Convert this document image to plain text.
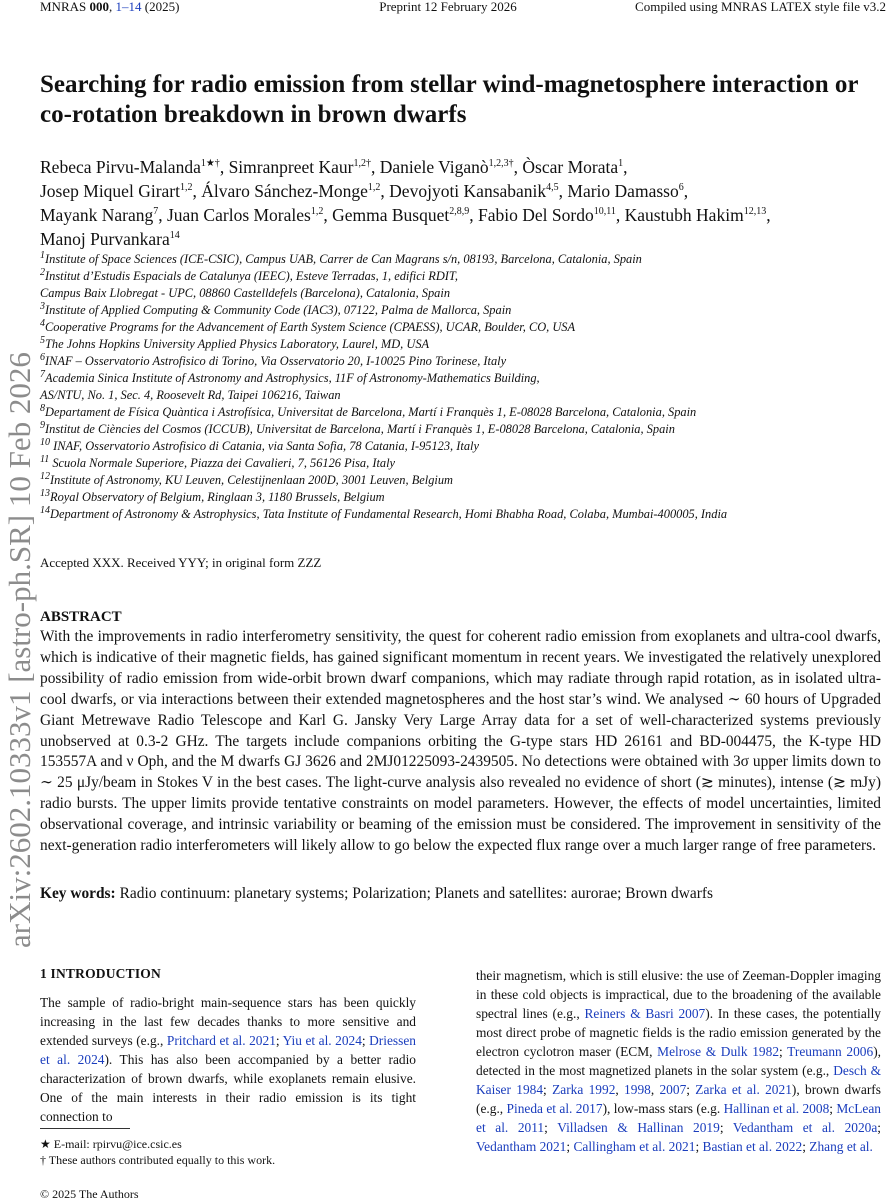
MNRAS 000, 1–14 (2025)	Preprint 12 February 2026	Compiled using MNRAS LATEX style file v3.2
arXiv:2602.10333v1 [astro-ph.SR] 10 Feb 2026
Searching for radio emission from stellar wind-magnetosphere interaction or co-rotation breakdown in brown dwarfs
Rebeca Pirvu-Malanda$^{1★\dagger}$, Simranpreet Kaur$^{1,2\dagger}$, Daniele Viganò$^{1,2,3\dagger}$, Òscar Morata$^1$,
Josep Miquel Girart$^{1,2}$, Álvaro Sánchez-Monge$^{1,2}$, Devojyoti Kansabanik$^{4,5}$, Mario Damasso$^6$,
Mayank Narang$^7$, Juan Carlos Morales$^{1,2}$, Gemma Busquet$^{2,8,9}$, Fabio Del Sordo$^{10,11}$, Kaustubh Hakim$^{12,13}$,
Manoj Purvankara$^{14}$
$^1$Institute of Space Sciences (ICE-CSIC), Campus UAB, Carrer de Can Magrans s/n, 08193, Barcelona, Catalonia, Spain
$^2$Institut d’Estudis Espacials de Catalunya (IEEC), Esteve Terradas, 1, edifici RDIT,
Campus Baix Llobregat - UPC, 08860 Castelldefels (Barcelona), Catalonia, Spain
$^3$Institute of Applied Computing & Community Code (IAC3), 07122, Palma de Mallorca, Spain
$^4$Cooperative Programs for the Advancement of Earth System Science (CPAESS), UCAR, Boulder, CO, USA
$^5$The Johns Hopkins University Applied Physics Laboratory, Laurel, MD, USA
$^6$INAF – Osservatorio Astrofisico di Torino, Via Osservatorio 20, I-10025 Pino Torinese, Italy
$^7$Academia Sinica Institute of Astronomy and Astrophysics, 11F of Astronomy-Mathematics Building,
AS/NTU, No. 1, Sec. 4, Roosevelt Rd, Taipei 106216, Taiwan
$^8$Departament de Física Quàntica i Astrofísica, Universitat de Barcelona, Martí i Franquès 1, E-08028 Barcelona, Catalonia, Spain
$^9$Institut de Ciències del Cosmos (ICCUB), Universitat de Barcelona, Martí i Franquès 1, E-08028 Barcelona, Catalonia, Spain
$^{10}$ INAF, Osservatorio Astrofisico di Catania, via Santa Sofia, 78 Catania, I-95123, Italy
$^{11}$ Scuola Normale Superiore, Piazza dei Cavalieri, 7, 56126 Pisa, Italy
$^{12}$Institute of Astronomy, KU Leuven, Celestijnenlaan 200D, 3001 Leuven, Belgium
$^{13}$Royal Observatory of Belgium, Ringlaan 3, 1180 Brussels, Belgium
$^{14}$Department of Astronomy & Astrophysics, Tata Institute of Fundamental Research, Homi Bhabha Road, Colaba, Mumbai-400005, India
Accepted XXX. Received YYY; in original form ZZZ
ABSTRACT

With the improvements in radio interferometry sensitivity, the quest for coherent radio emission from exoplanets and ultra-cool dwarfs, which is indicative of their magnetic fields, has gained significant momentum in recent years. We investigated the relatively unexplored possibility of radio emission from wide-orbit brown dwarf companions, which may radiate through rapid rotation, as in isolated ultra-cool dwarfs, or via interactions between their extended magnetospheres and the host star’s wind. We analysed ∼ 60 hours of Upgraded Giant Metrewave Radio Telescope and Karl G. Jansky Very Large Array data for a set of well-characterized systems previously unobserved at 0.3-2 GHz. The targets include companions orbiting the G-type stars HD 26161 and BD-004475, the K-type HD 153557A and ν Oph, and the M dwarfs GJ 3626 and 2MJ01225093-2439505. No detections were obtained with 3σ upper limits down to ∼ 25 μJy/beam in Stokes V in the best cases. The light-curve analysis also revealed no evidence of short (≳ minutes), intense (≳ mJy) radio bursts. The upper limits provide tentative constraints on model parameters. However, the effects of model uncertainties, limited observational coverage, and intrinsic variability or beaming of the emission must be considered. The improvement in sensitivity of the next-generation radio interferometers will likely allow to go below the expected flux range over a much larger range of free parameters.

Key words: Radio continuum: planetary systems; Polarization; Planets and satellites: aurorae; Brown dwarfs
1 INTRODUCTION

The sample of radio-bright main-sequence stars has been quickly increasing in the last few decades thanks to more sensitive and extended surveys (e.g., Pritchard et al. 2021; Yiu et al. 2024; Driessen et al. 2024). This has also been accompanied by a better radio characterization of brown dwarfs, while exoplanets remain elusive. One of the main interests in their radio emission is its tight connection to

their magnetism, which is still elusive: the use of Zeeman-Doppler imaging in these cold objects is impractical, due to the broadening of the available spectral lines (e.g., Reiners & Basri 2007). In these cases, the potentially most direct probe of magnetic fields is the radio emission generated by the electron cyclotron maser (ECM, Melrose & Dulk 1982; Treumann 2006), detected in the most magnetized planets in the solar system (e.g., Desch & Kaiser 1984; Zarka 1992, 1998, 2007; Zarka et al. 2021), brown dwarfs (e.g., Pineda et al. 2017), low-mass stars (e.g. Hallinan et al. 2008; McLean et al. 2011; Villadsen & Hallinan 2019; Vedantham et al. 2020a; Vedantham 2021; Callingham et al. 2021; Bastian et al. 2022; Zhang et al.

★ E-mail: rpirvu@ice.csic.es
† These authors contributed equally to this work.
© 2025 The Authors
